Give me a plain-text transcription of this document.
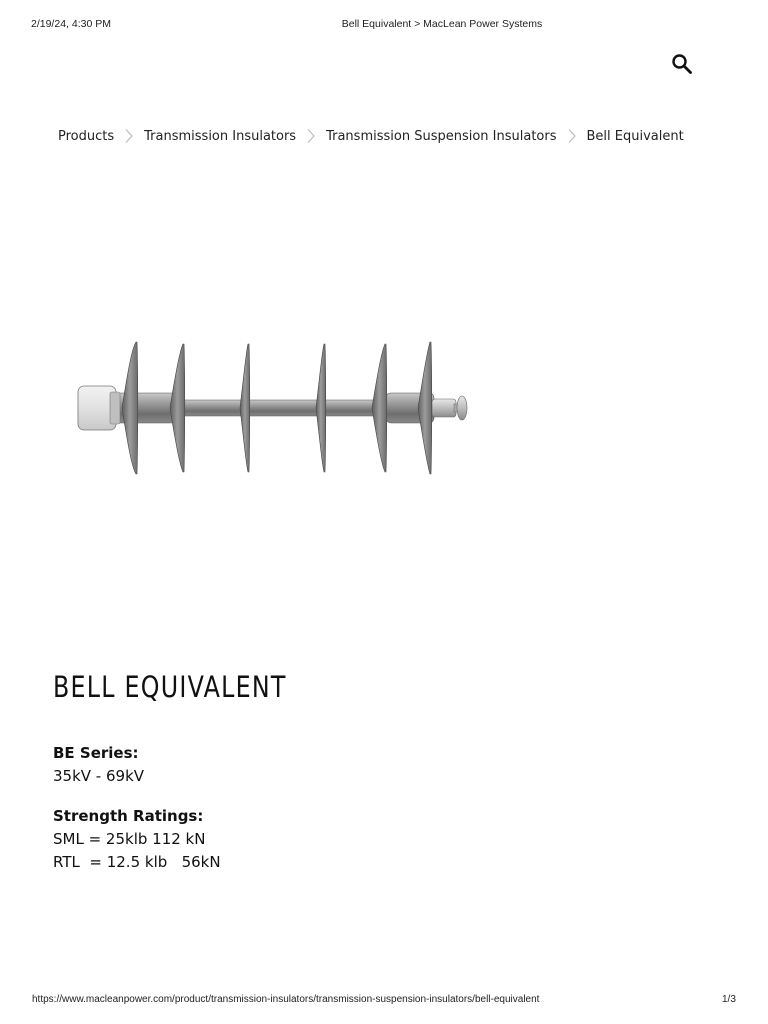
2/19/24, 4:30 PM	Bell Equivalent > MacLean Power Systems
Products Transmission Insulators Transmission Suspension Insulators Bell Equivalent
BELL EQUIVALENT
BE Series:
35kV - 69kV
Strength Ratings:
SML = 25klb 112 kN
RTL  = 12.5 klb   56kN
https://www.macleanpower.com/product/transmission-insulators/transmission-suspension-insulators/bell-equivalent	1/3
